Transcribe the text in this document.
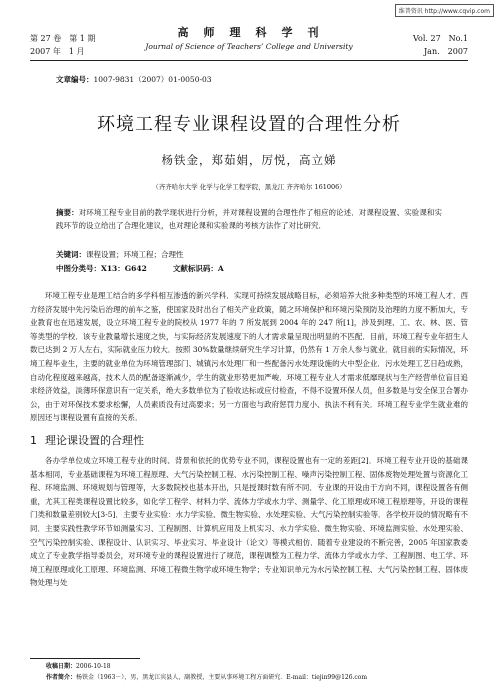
维普资讯 http://www.cqvip.com
第 27 卷　第 1 期
2007 年　1 月
高　师　理　科　学　刊
Journal of Science of Teachers’ College and University
Vol. 27　No.1
Jan.　2007
文章编号：1007-9831（2007）01-0050-03
环境工程专业课程设置的合理性分析
杨铁金，郑茹娟，厉悦，高立娣
（齐齐哈尔大学 化学与化学工程学院，黑龙江 齐齐哈尔 161006）
摘要：对环境工程专业目前的教学现状进行分析，并对课程设置的合理性作了相应的论述．对课程设置、实验课和实践环节的设立给出了合理化建议，也对理论课和实验课的考核方法作了对比研究．
关键词：课程设置；环境工程；合理性
中图分类号：X13：G642	文献标识码：A

环境工程专业是理工结合的多学科相互渗透的新兴学科．实现可持续发展战略目标，必须培养大批多种类型的环境工程人才．西方经济发展中先污染后治理的前车之鉴，使国家及时出台了相关产业政策，随之环境保护和环境污染预防及治理的力度不断加大，专业教育也在迅速发展，设立环境工程专业的院校从 1977 年的 7 所发展到 2004 年的 247 所[1]，涉及到理、工、农、林、医、管等类型的学校．该专业教量增长速度之快，与实际经济发展速度下的人才需求量呈现出明显的不匹配．目前，环境工程专业年招生人数已达到 2 万人左右，实际就业压力较大．按照 30%数量继续研究生学习计算，仍然有 1 万余人参与就业．就目前的实际情况，环境工程毕业生，主要的就业单位为环境管理部门、城镇污水处理厂和一些配备污水处理设施的大中型企业．污水处理工艺日趋成熟，自动化程度越来越高，技术人员的配备逐渐减少，学生的就业形势更加严峻．环境工程专业人才需求低靡现状与生产经营单位盲目追求经济效益，淡薄环保意识有一定关系，绝大多数单位为了验收达标或应付检查，不得不设置环保人员，但多数是与安全保卫合署办公，由于对环保技术要求松懈，人员素质没有过高要求；另一方面也与政府惩罚力度小、执法不利有关．环境工程专业学生就业难的原因还与课程设置有直接的关系．

1 理论课设置的合理性

各办学单位成立环境工程专业的时间、背景和依托的优势专业不同，课程设置也有一定的差距[2]．环境工程专业开设的基础课基本相同，专业基础课程为环境工程原理、大气污染控制工程、水污染控制工程、噪声污染控制工程、固体废物处理处置与资源化工程、环境监测、环境规划与管理等，大多数院校也基本开出，只是授课时数有所不同．专业课的开设由于方向不同，课程设置各有侧重，尤其工程类课程设置比较多，如化学工程学、材料力学、流体力学或水力学、测量学、化工原理或环境工程原理等，开设的课程门类和数量差别较大[3-5]．主要专业实验：水力学实验、微生物实验、水处理实验、大气污染控制实验等．各学校开设的情况略有不同．主要实践性教学环节如测量实习、工程制图、计算机应用及上机实习、水力学实验、微生物实验、环境监测实验、水处理实验、空气污染控制实验、课程设计、认识实习、毕业实习、毕业设计（论文）等模式相仿．随着专业建设的不断完善，2005 年国家教委成立了专业教学指导委员会，对环境专业的课程设置进行了规范，课程调整为工程力学、流体力学或水力学、工程制图、电工学、环境工程原理或化工原理、环境监测、环境工程微生物学或环境生物学；专业知识单元为水污染控制工程、大气污染控制工程、固体废物处理与处

收稿日期：2006-10-18
作者简介：杨铁金（1963－），男，黑龙江宾县人，副教授，主要从事环境工程方面研究．E-mail：tiejin99@126.com
